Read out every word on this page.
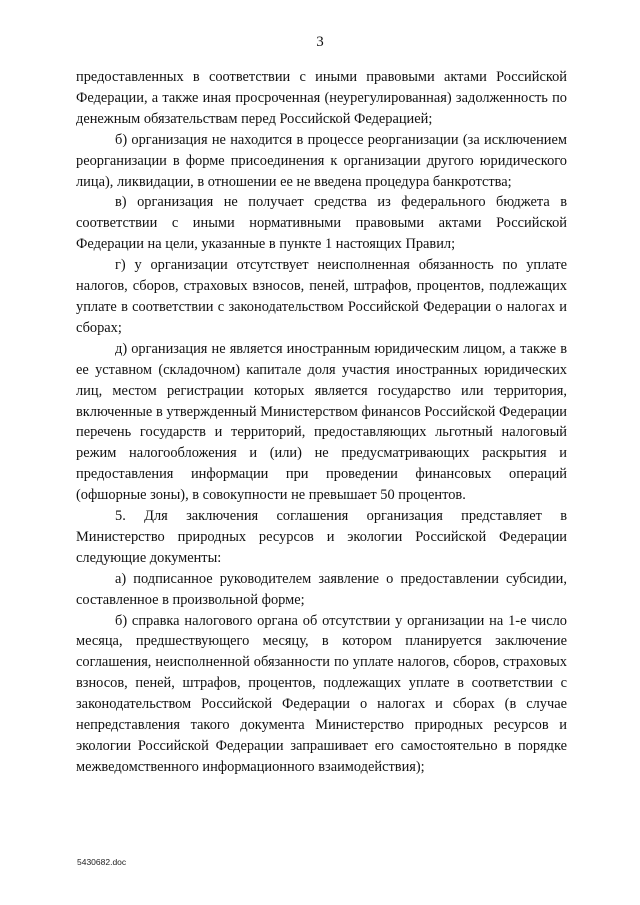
3

предоставленных в соответствии с иными правовыми актами Российской Федерации, а также иная просроченная (неурегулированная) задолженность по денежным обязательствам перед Российской Федерацией;

б) организация не находится в процессе реорганизации (за исключением реорганизации в форме присоединения к организации другого юридического лица), ликвидации, в отношении ее не введена процедура банкротства;

в) организация не получает средства из федерального бюджета в соответствии с иными нормативными правовыми актами Российской Федерации на цели, указанные в пункте 1 настоящих Правил;

г) у организации отсутствует неисполненная обязанность по уплате налогов, сборов, страховых взносов, пеней, штрафов, процентов, подлежащих уплате в соответствии с законодательством Российской Федерации о налогах и сборах;

д) организация не является иностранным юридическим лицом, а также в ее уставном (складочном) капитале доля участия иностранных юридических лиц, местом регистрации которых является государство или территория, включенные в утвержденный Министерством финансов Российской Федерации перечень государств и территорий, предоставляющих льготный налоговый режим налогообложения и (или) не предусматривающих раскрытия и предоставления информации при проведении финансовых операций (офшорные зоны), в совокупности не превышает 50 процентов.

5. Для заключения соглашения организация представляет в Министерство природных ресурсов и экологии Российской Федерации следующие документы:

а) подписанное руководителем заявление о предоставлении субсидии, составленное в произвольной форме;

б) справка налогового органа об отсутствии у организации на 1-е число месяца, предшествующего месяцу, в котором планируется заключение соглашения, неисполненной обязанности по уплате налогов, сборов, страховых взносов, пеней, штрафов, процентов, подлежащих уплате в соответствии с законодательством Российской Федерации о налогах и сборах (в случае непредставления такого документа Министерство природных ресурсов и экологии Российской Федерации запрашивает его самостоятельно в порядке межведомственного информационного взаимодействия);

5430682.doc
